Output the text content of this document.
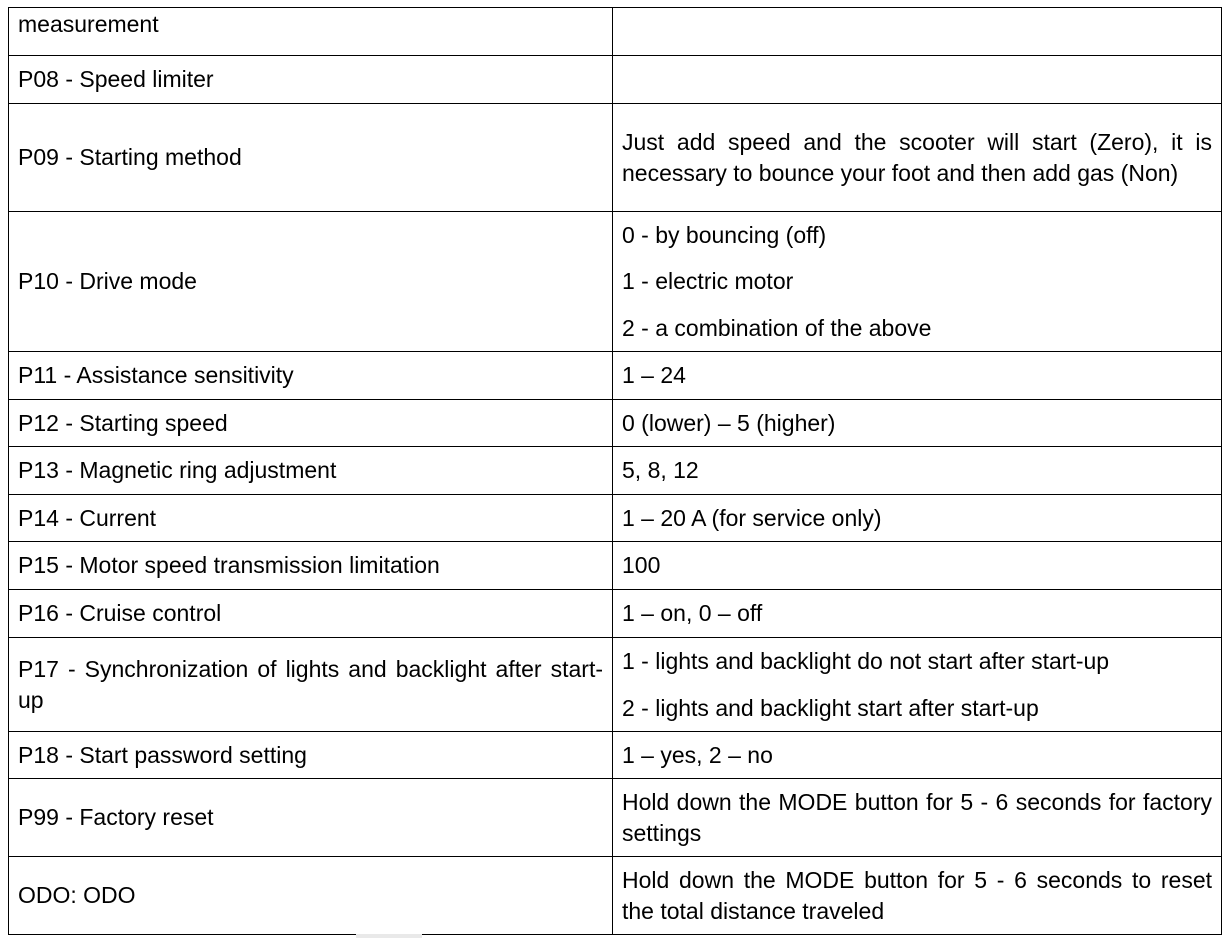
measurement	
P08 - Speed limiter	
P09 - Starting method	Just add speed and the scooter will start (Zero), it is necessary to bounce your foot and then add gas (Non)
P10 - Drive mode	0 - by bouncing (off)
1 - electric motor
2 - a combination of the above

P11 - Assistance sensitivity	1 – 24
P12 - Starting speed	0 (lower) – 5 (higher)
P13 - Magnetic ring adjustment	5, 8, 12
P14 - Current	1 – 20 A (for service only)
P15 - Motor speed transmission limitation	100
P16 - Cruise control	1 – on, 0 – off
P17 - Synchronization of lights and backlight after start-up	1 - lights and backlight do not start after start-up
2 - lights and backlight start after start-up

P18 - Start password setting	1 – yes, 2 – no
P99 - Factory reset	Hold down the MODE button for 5 - 6 seconds for factory settings
ODO: ODO	Hold down the MODE button for 5 - 6 seconds to reset the total distance traveled
